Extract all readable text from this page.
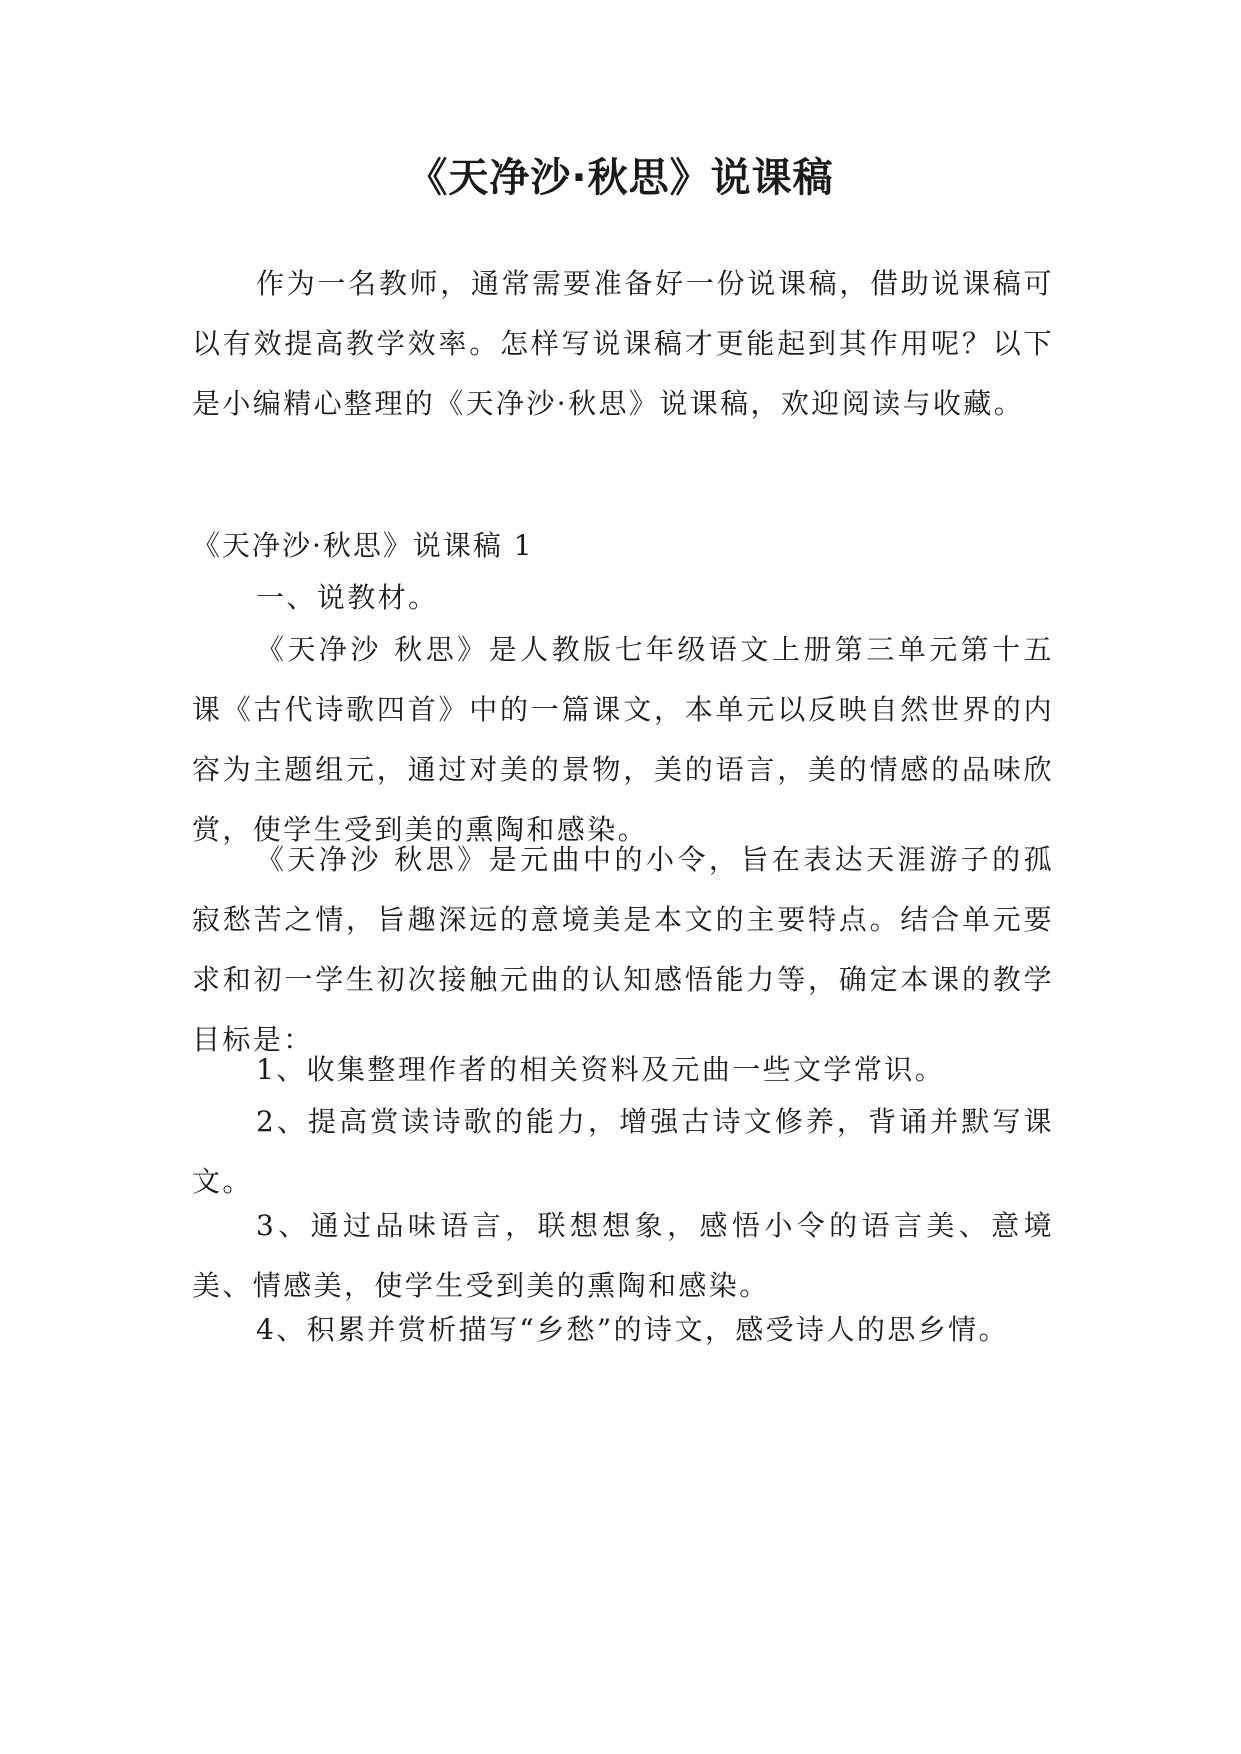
《天净沙·秋思》说课稿

作为一名教师，通常需要准备好一份说课稿，借助说课稿可以有效提高教学效率。怎样写说课稿才更能起到其作用呢？以下是小编精心整理的《天净沙·秋思》说课稿，欢迎阅读与收藏。

《天净沙·秋思》说课稿 1

一、说教材。

《天净沙 秋思》是人教版七年级语文上册第三单元第十五课《古代诗歌四首》中的一篇课文，本单元以反映自然世界的内容为主题组元，通过对美的景物，美的语言，美的情感的品味欣赏，使学生受到美的熏陶和感染。

《天净沙 秋思》是元曲中的小令，旨在表达天涯游子的孤寂愁苦之情，旨趣深远的意境美是本文的主要特点。结合单元要求和初一学生初次接触元曲的认知感悟能力等，确定本课的教学目标是：

1、收集整理作者的相关资料及元曲一些文学常识。

2、提高赏读诗歌的能力，增强古诗文修养，背诵并默写课文。

3、通过品味语言，联想想象，感悟小令的语言美、意境美、情感美，使学生受到美的熏陶和感染。

4、积累并赏析描写“乡愁”的诗文，感受诗人的思乡情。
